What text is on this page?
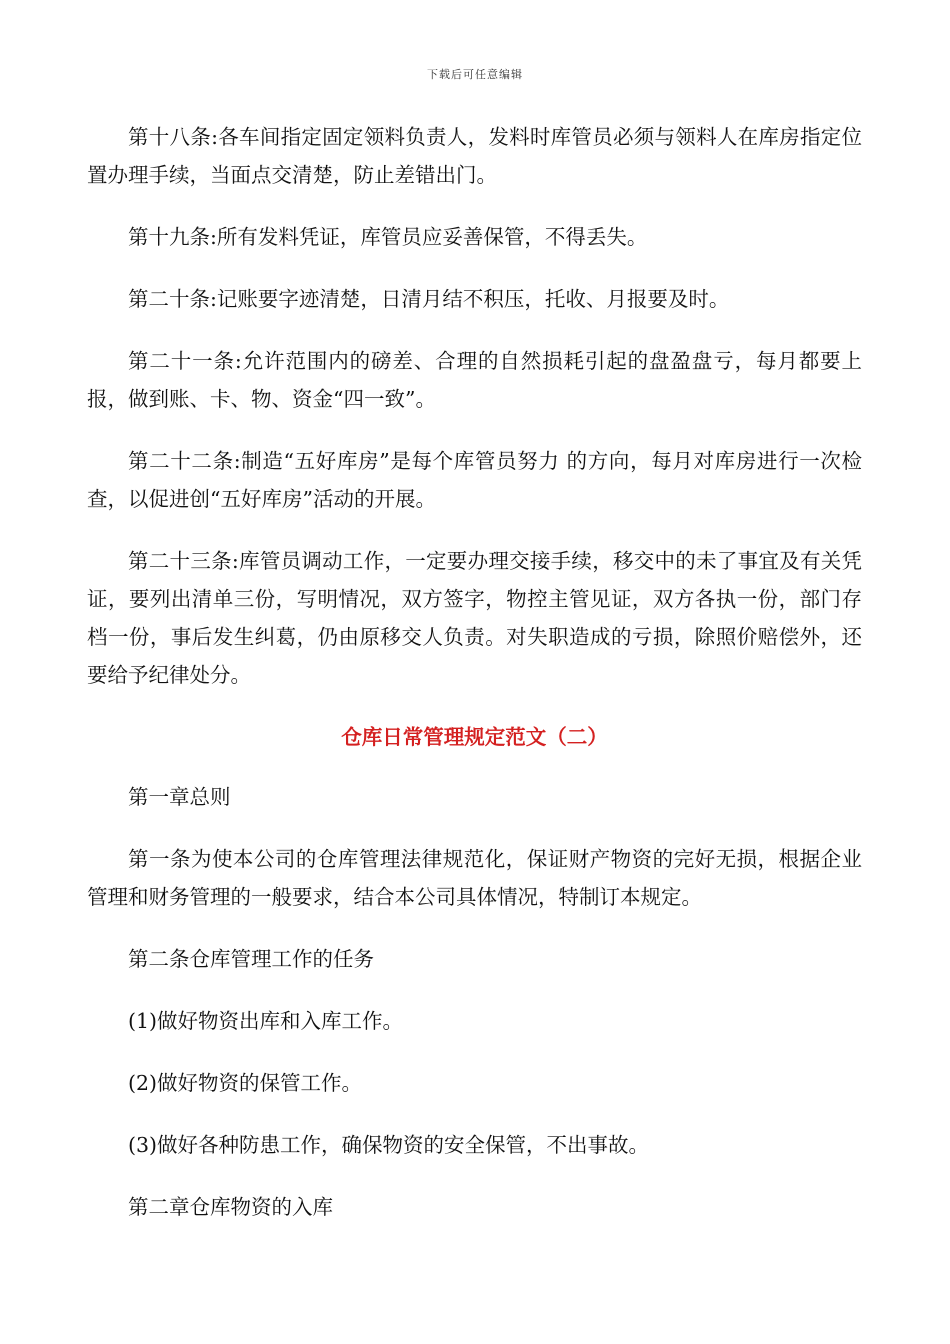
下载后可任意编辑

第十八条:各车间指定固定领料负责人，发料时库管员必须与领料人在库房指定位置办理手续，当面点交清楚，防止差错出门。

第十九条:所有发料凭证，库管员应妥善保管，不得丢失。

第二十条:记账要字迹清楚，日清月结不积压，托收、月报要及时。

第二十一条:允许范围内的磅差、合理的自然损耗引起的盘盈盘亏，每月都要上报，做到账、卡、物、资金“四一致”。

第二十二条:制造“五好库房”是每个库管员努力 的方向，每月对库房进行一次检查，以促进创“五好库房”活动的开展。

第二十三条:库管员调动工作，一定要办理交接手续，移交中的未了事宜及有关凭证，要列出清单三份，写明情况，双方签字，物控主管见证，双方各执一份，部门存档一份，事后发生纠葛，仍由原移交人负责。对失职造成的亏损，除照价赔偿外，还要给予纪律处分。

仓库日常管理规定范文（二）

第一章总则

第一条为使本公司的仓库管理法律规范化，保证财产物资的完好无损，根据企业管理和财务管理的一般要求，结合本公司具体情况，特制订本规定。

第二条仓库管理工作的任务

(1)做好物资出库和入库工作。

(2)做好物资的保管工作。

(3)做好各种防患工作，确保物资的安全保管，不出事故。

第二章仓库物资的入库
